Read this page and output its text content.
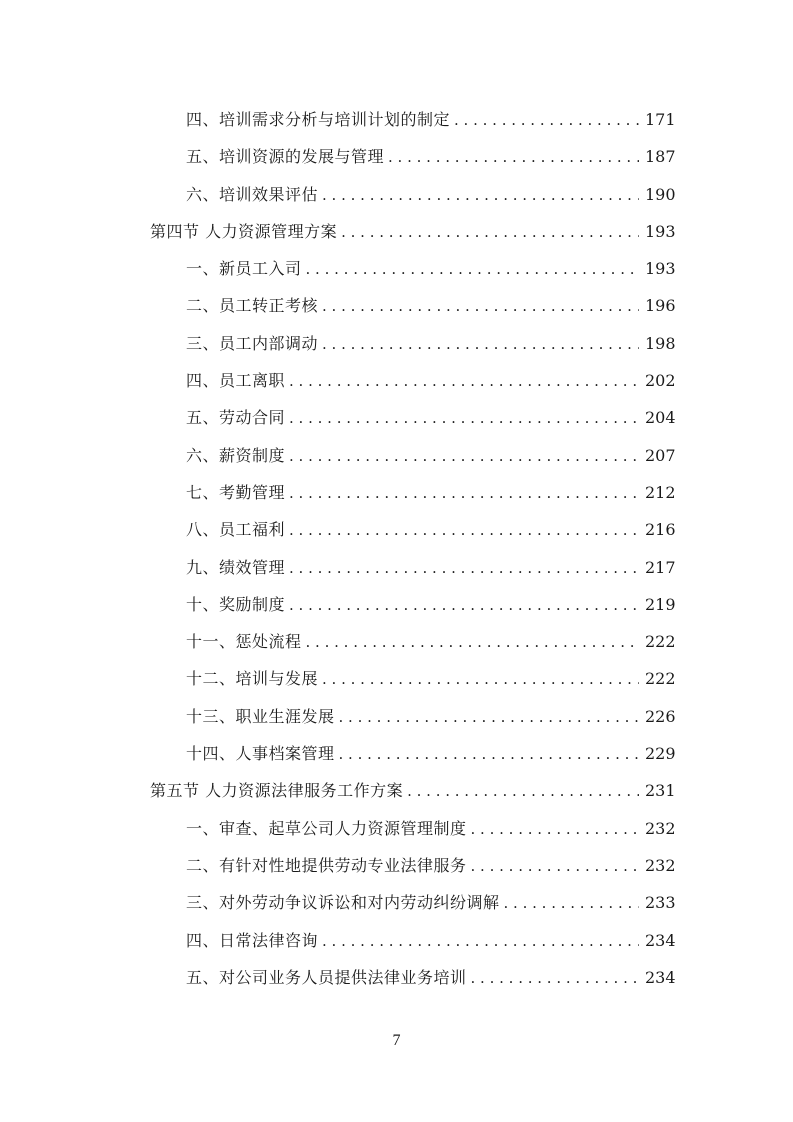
四、培训需求分析与培训计划的制定 . . .	171
五、培训资源的发展与管理 . . .	187
六、培训效果评估 . . .	190
第四节 人力资源管理方案 . . .	193
一、新员工入司 . . .	193
二、员工转正考核 . . .	196
三、员工内部调动 . . .	198
四、员工离职 . . .	202
五、劳动合同 . . .	204
六、薪资制度 . . .	207
七、考勤管理 . . .	212
八、员工福利 . . .	216
九、绩效管理 . . .	217
十、奖励制度 . . .	219
十一、惩处流程 . . .	222
十二、培训与发展 . . .	222
十三、职业生涯发展 . . .	226
十四、人事档案管理 . . .	229
第五节 人力资源法律服务工作方案 . . .	231
一、审查、起草公司人力资源管理制度 . . .	232
二、有针对性地提供劳动专业法律服务 . . .	232
三、对外劳动争议诉讼和对内劳动纠纷调解 . . .	233
四、日常法律咨询 . . .	234
五、对公司业务人员提供法律业务培训 . . .	234
7
